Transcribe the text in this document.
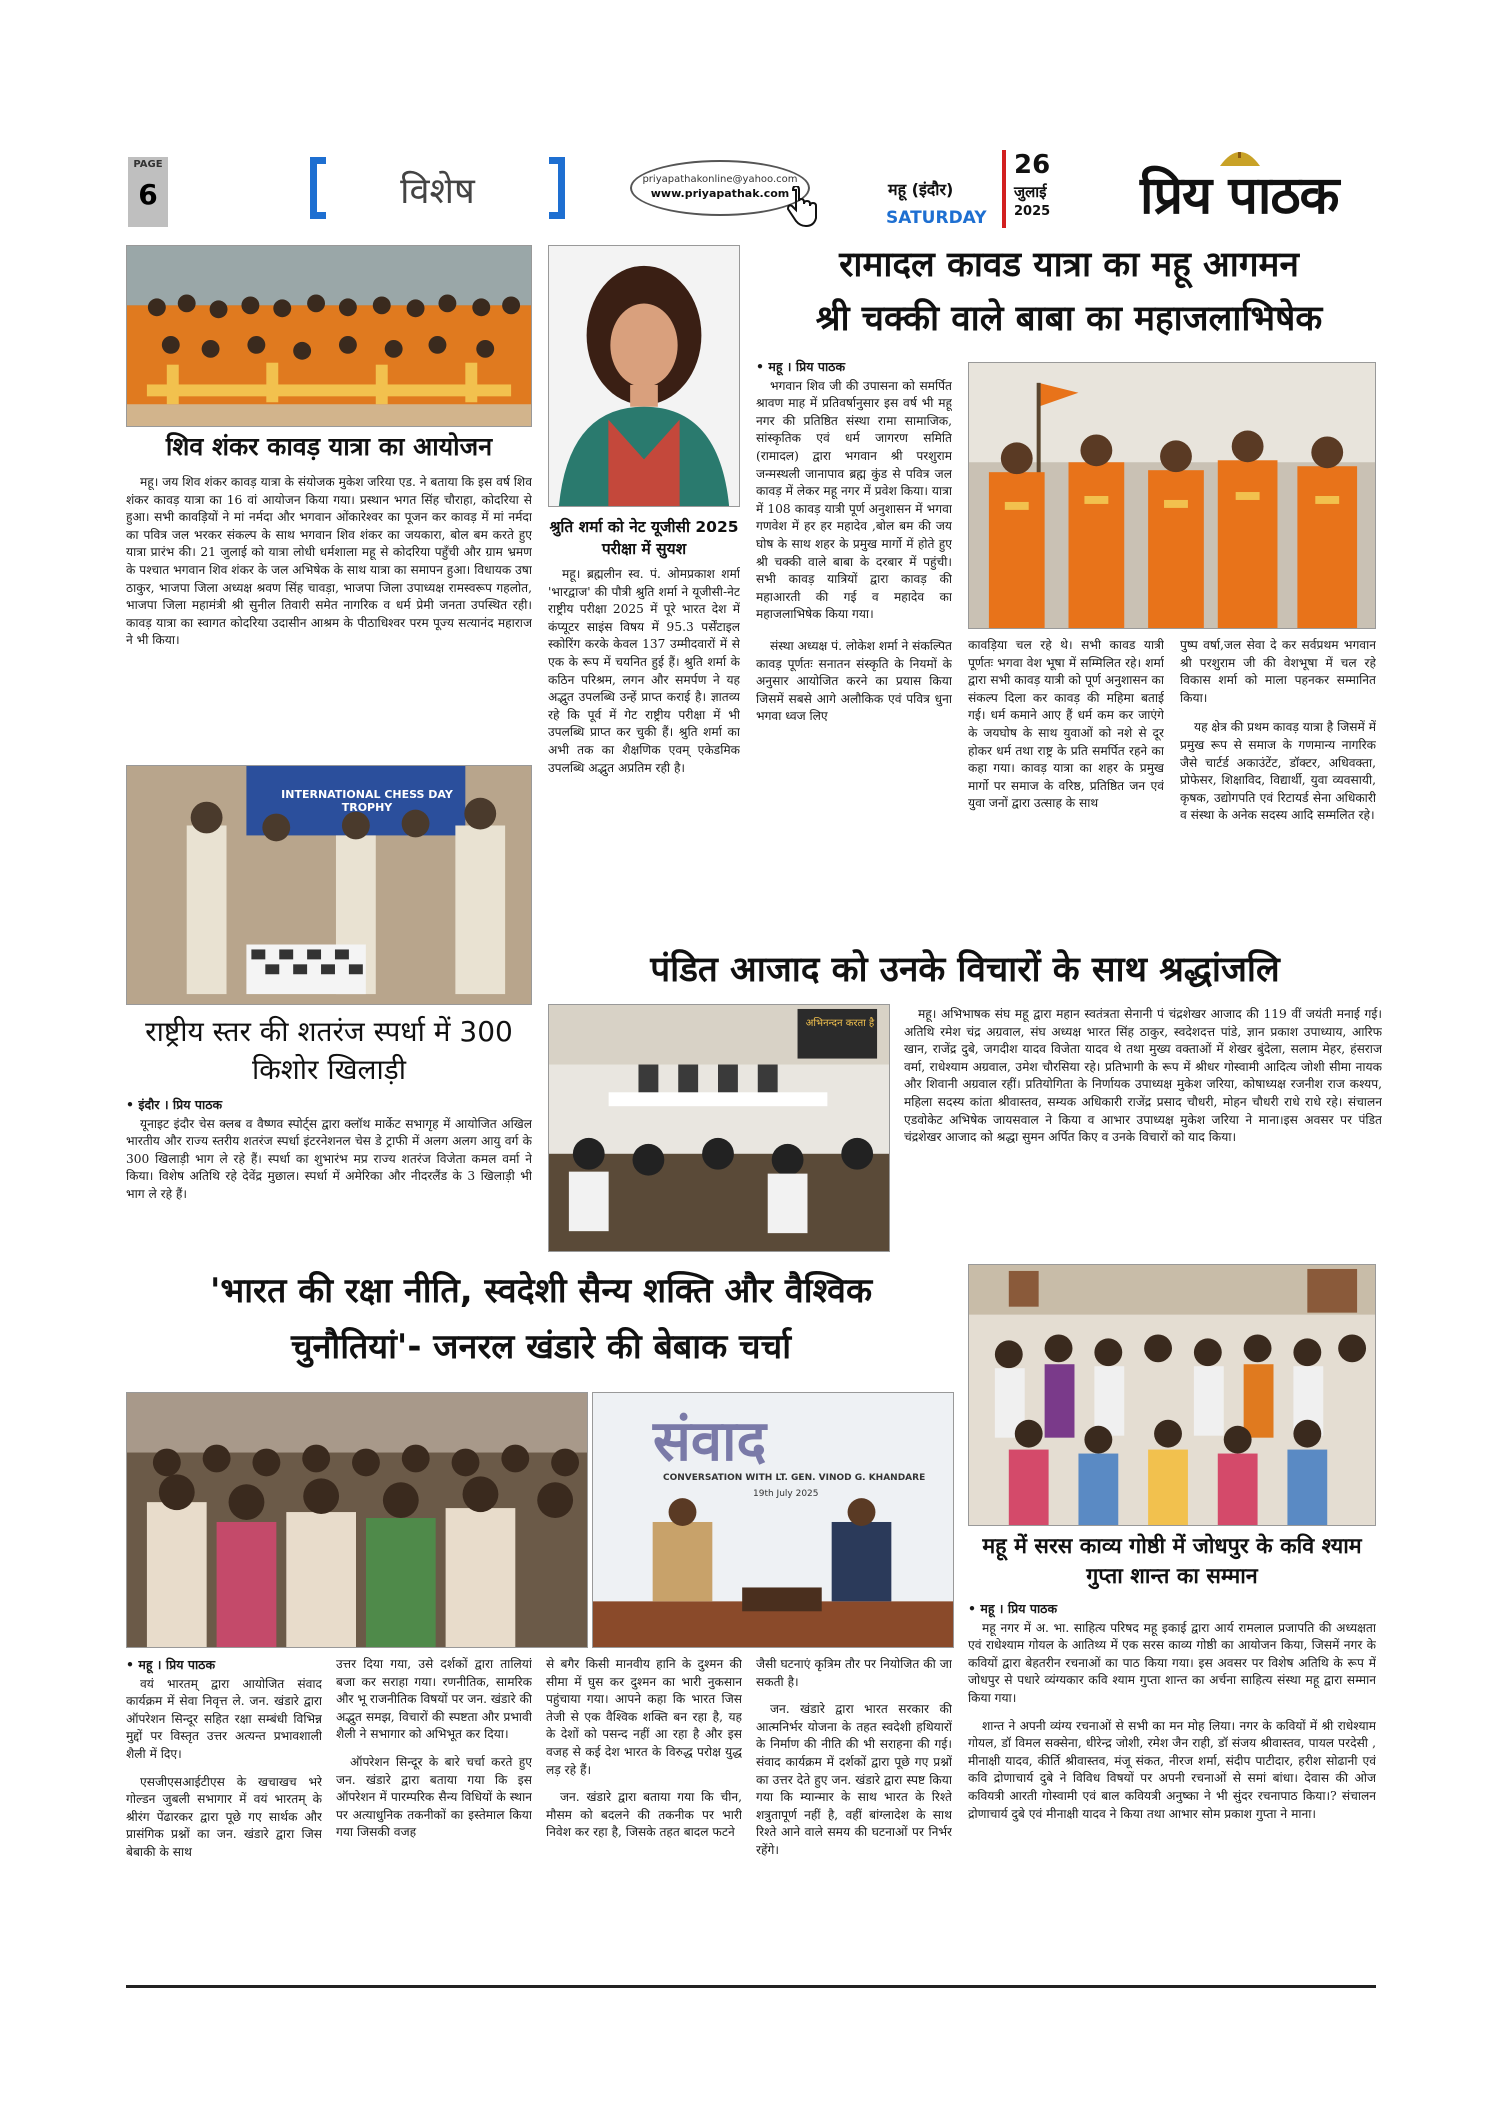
PAGE
6	विशेष	priyapathakonline@yahoo.com
www.priyapathak.com	महू (इंदौर)
SATURDAY
26
जुलाई
2025 प्रिय पाठक
शिव शंकर कावड़ यात्रा का आयोजन

महू। जय शिव शंकर कावड़ यात्रा के संयोजक मुकेश जरिया एड. ने बताया कि इस वर्ष शिव शंकर कावड़ यात्रा का 16 वां आयोजन किया गया। प्रस्थान भगत सिंह चौराहा, कोदरिया से हुआ। सभी कावड़ियों ने मां नर्मदा और भगवान ओंकारेश्वर का पूजन कर कावड़ में मां नर्मदा का पवित्र जल भरकर संकल्प के साथ भगवान शिव शंकर का जयकारा, बोल बम करते हुए यात्रा प्रारंभ की। 21 जुलाई को यात्रा लोधी धर्मशाला महू से कोदरिया पहुँची और ग्राम भ्रमण के पश्चात भगवान शिव शंकर के जल अभिषेक के साथ यात्रा का समापन हुआ। विधायक उषा ठाकुर, भाजपा जिला अध्यक्ष श्रवण सिंह चावड़ा, भाजपा जिला उपाध्यक्ष रामस्वरूप गहलोत, भाजपा जिला महामंत्री श्री सुनील तिवारी समेत नागरिक व धर्म प्रेमी जनता उपस्थित रही। कावड़ यात्रा का स्वागत कोदरिया उदासीन आश्रम के पीठाधिश्वर परम पूज्य सत्यानंद महाराज ने भी किया।

INTERNATIONAL CHESS DAY TROPHY
राष्ट्रीय स्तर की शतरंज स्पर्धा में 300 किशोर खिलाड़ी
• इंदौर । प्रिय पाठक

यूनाइट इंदौर चेस क्लब व वैष्णव स्पोर्ट्स द्वारा क्लॉथ मार्केट सभागृह में आयोजित अखिल भारतीय और राज्य स्तरीय शतरंज स्पर्धा इंटरनेशनल चेस डे ट्राफी में अलग अलग आयु वर्ग के 300 खिलाड़ी भाग ले रहे हैं। स्पर्धा का शुभारंभ मप्र राज्य शतरंज विजेता कमल वर्मा ने किया। विशेष अतिथि रहे देवेंद्र मुछाल। स्पर्धा में अमेरिका और नीदरलैंड के 3 खिलाड़ी भी भाग ले रहे हैं।

श्रुति शर्मा को नेट यूजीसी 2025 परीक्षा में सुयश

महू। ब्रह्मलीन स्व. पं. ओमप्रकाश शर्मा 'भारद्वाज' की पौत्री श्रुति शर्मा ने यूजीसी-नेट राष्ट्रीय परीक्षा 2025 में पूरे भारत देश में कंप्यूटर साइंस विषय में 95.3 पर्सेंटाइल स्कोरिंग करके केवल 137 उम्मीदवारों में से एक के रूप में चयनित हुई हैं। श्रुति शर्मा के कठिन परिश्रम, लगन और समर्पण ने यह अद्भुत उपलब्धि उन्हें प्राप्त कराई है। ज्ञातव्य रहे कि पूर्व में गेट राष्ट्रीय परीक्षा में भी उपलब्धि प्राप्त कर चुकी हैं। श्रुति शर्मा का अभी तक का शैक्षणिक एवम् एकेडमिक उपलब्धि अद्भुत अप्रतिम रही है।

रामादल कावड यात्रा का महू आगमन
श्री चक्की वाले बाबा का महाजलाभिषेक
• महू । प्रिय पाठक

भगवान शिव जी की उपासना को समर्पित श्रावण माह में प्रतिवर्षानुसार इस वर्ष भी महू नगर की प्रतिष्ठित संस्था रामा सामाजिक, सांस्कृतिक एवं धर्म जागरण समिति (रामादल) द्वारा भगवान श्री परशुराम जन्मस्थली जानापाव ब्रह्म कुंड से पवित्र जल कावड़ में लेकर महू नगर में प्रवेश किया। यात्रा में 108 कावड़ यात्री पूर्ण अनुशासन में भगवा गणवेश में हर हर महादेव ,बोल बम की जय घोष के साथ शहर के प्रमुख मार्गो में होते हुए श्री चक्की वाले बाबा के दरबार में पहुंची। सभी कावड़ यात्रियों द्वारा कावड़ की महाआरती की गई व महादेव का महाजलाभिषेक किया गया।

संस्था अध्यक्ष पं. लोकेश शर्मा ने संकल्पित कावड़ पूर्णतः सनातन संस्कृति के नियमों के अनुसार आयोजित करने का प्रयास किया जिसमें सबसे आगे अलौकिक एवं पवित्र धुना भगवा ध्वज लिए

कावड़िया चल रहे थे। सभी कावड यात्री पूर्णतः भगवा वेश भूषा में सम्मिलित रहे। शर्मा द्वारा सभी कावड़ यात्री को पूर्ण अनुशासन का संकल्प दिला कर कावड़ की महिमा बताई गई। धर्म कमाने आए हैं धर्म कम कर जाएंगे के जयघोष के साथ युवाओं को नशे से दूर होकर धर्म तथा राष्ट्र के प्रति समर्पित रहने का कहा गया। कावड़ यात्रा का शहर के प्रमुख मार्गो पर समाज के वरिष्ठ, प्रतिष्ठित जन एवं युवा जनों द्वारा उत्साह के साथ

पुष्प वर्षा,जल सेवा दे कर सर्वप्रथम भगवान श्री परशुराम जी की वेशभूषा में चल रहे विकास शर्मा को माला पहनकर सम्मानित किया।

यह क्षेत्र की प्रथम कावड़ यात्रा है जिसमें में प्रमुख रूप से समाज के गणमान्य नागरिक जैसे चार्टर्ड अकाउंटेंट, डॉक्टर, अधिवक्ता, प्रोफेसर, शिक्षाविद, विद्यार्थी, युवा व्यवसायी, कृषक, उद्योगपति एवं रिटायर्ड सेना अधिकारी व संस्था के अनेक सदस्य आदि सम्मलित रहे।

पंडित आजाद को उनके विचारों के साथ श्रद्धांजलि
अभिनन्दन करता है

महू। अभिभाषक संघ महू द्वारा महान स्वतंत्रता सेनानी पं चंद्रशेखर आजाद की 119 वीं जयंती मनाई गई। अतिथि रमेश चंद्र अग्रवाल, संघ अध्यक्ष भारत सिंह ठाकुर, स्वदेशदत्त पांडे, ज्ञान प्रकाश उपाध्याय, आरिफ खान, राजेंद्र दुबे, जगदीश यादव विजेता यादव थे तथा मुख्य वक्ताओं में शेखर बुंदेला, सलाम मेहर, हंसराज वर्मा, राधेश्याम अग्रवाल, उमेश चौरसिया रहे। प्रतिभागी के रूप में श्रीधर गोस्वामी आदित्य जोशी सीमा नायक और शिवानी अग्रवाल रहीं। प्रतियोगिता के निर्णायक उपाध्यक्ष मुकेश जरिया, कोषाध्यक्ष रजनीश राज कश्यप, महिला सदस्य कांता श्रीवास्तव, सम्यक अधिकारी राजेंद्र प्रसाद चौधरी, मोहन चौधरी राधे राधे रहे। संचालन एडवोकेट अभिषेक जायसवाल ने किया व आभार उपाध्यक्ष मुकेश जरिया ने माना।इस अवसर पर पंडित चंद्रशेखर आजाद को श्रद्धा सुमन अर्पित किए व उनके विचारों को याद किया।

'भारत की रक्षा नीति, स्वदेशी सैन्य शक्ति और वैश्विक
चुनौतियां'- जनरल खंडारे की बेबाक चर्चा
संवाद
CONVERSATION WITH LT. GEN. VINOD G. KHANDARE
19th July 2025
• महू । प्रिय पाठक

वयं भारतम् द्वारा आयोजित संवाद कार्यक्रम में सेवा निवृत्त ले. जन. खंडारे द्वारा ऑपरेशन सिन्दूर सहित रक्षा सम्बंधी विभिन्न मुद्दों पर विस्तृत उत्तर अत्यन्त प्रभावशाली शैली में दिए।

एसजीएसआईटीएस के खचाखच भरे गोल्डन जुबली सभागार में वयं भारतम् के श्रीरंग पेंढारकर द्वारा पूछे गए सार्थक और प्रासंगिक प्रश्नों का जन. खंडारे द्वारा जिस बेबाकी के साथ

उत्तर दिया गया, उसे दर्शकों द्वारा तालियां बजा कर सराहा गया। रणनीतिक, सामरिक और भू राजनीतिक विषयों पर जन. खंडारे की अद्भुत समझ, विचारों की स्पष्टता और प्रभावी शैली ने सभागार को अभिभूत कर दिया।

ऑपरेशन सिन्दूर के बारे चर्चा करते हुए जन. खंडारे द्वारा बताया गया कि इस ऑपरेशन में पारम्परिक सैन्य विधियों के स्थान पर अत्याधुनिक तकनीकों का इस्तेमाल किया गया जिसकी वजह

से बगैर किसी मानवीय हानि के दुश्मन की सीमा में घुस कर दुश्मन का भारी नुकसान पहुंचाया गया। आपने कहा कि भारत जिस तेजी से एक वैश्विक शक्ति बन रहा है, यह के देशों को पसन्द नहीं आ रहा है और इस वजह से कई देश भारत के विरुद्ध परोक्ष युद्ध लड़ रहे हैं।

जन. खंडारे द्वारा बताया गया कि चीन, मौसम को बदलने की तकनीक पर भारी निवेश कर रहा है, जिसके तहत बादल फटने

जैसी घटनाएं कृत्रिम तौर पर नियोजित की जा सकती है।

जन. खंडारे द्वारा भारत सरकार की आत्मनिर्भर योजना के तहत स्वदेशी हथियारों के निर्माण की नीति की भी सराहना की गई। संवाद कार्यक्रम में दर्शकों द्वारा पूछे गए प्रश्नों का उत्तर देते हुए जन. खंडारे द्वारा स्पष्ट किया गया कि म्यान्मार के साथ भारत के रिश्ते शत्रुतापूर्ण नहीं है, वहीं बांग्लादेश के साथ रिश्ते आने वाले समय की घटनाओं पर निर्भर रहेंगे।

महू में सरस काव्य गोष्ठी में जोधपुर के कवि श्याम गुप्ता शान्त का सम्मान
• महू । प्रिय पाठक

महू नगर में अ. भा. साहित्य परिषद महू इकाई द्वारा आर्य रामलाल प्रजापति की अध्यक्षता एवं राधेश्याम गोयल के आतिथ्य में एक सरस काव्य गोष्ठी का आयोजन किया, जिसमें नगर के कवियों द्वारा बेहतरीन रचनाओं का पाठ किया गया। इस अवसर पर विशेष अतिथि के रूप में जोधपुर से पधारे व्यंग्यकार कवि श्याम गुप्ता शान्त का अर्चना साहित्य संस्था महू द्वारा सम्मान किया गया।

शान्त ने अपनी व्यंग्य रचनाओं से सभी का मन मोह लिया। नगर के कवियों में श्री राधेश्याम गोयल, डॉ विमल सक्सेना, धीरेन्द्र जोशी, रमेश जैन राही, डॉ संजय श्रीवास्तव, पायल परदेसी , मीनाक्षी यादव, कीर्ति श्रीवास्तव, मंजू संकत, नीरज शर्मा, संदीप पाटीदार, हरीश सोढानी एवं कवि द्रोणाचार्य दुबे ने विविध विषयों पर अपनी रचनाओं से समां बांधा। देवास की ओज कवियत्री आरती गोस्वामी एवं बाल कवियत्री अनुष्का ने भी सुंदर रचनापाठ किया।? संचालन द्रोणाचार्य दुबे एवं मीनाक्षी यादव ने किया तथा आभार सोम प्रकाश गुप्ता ने माना।
